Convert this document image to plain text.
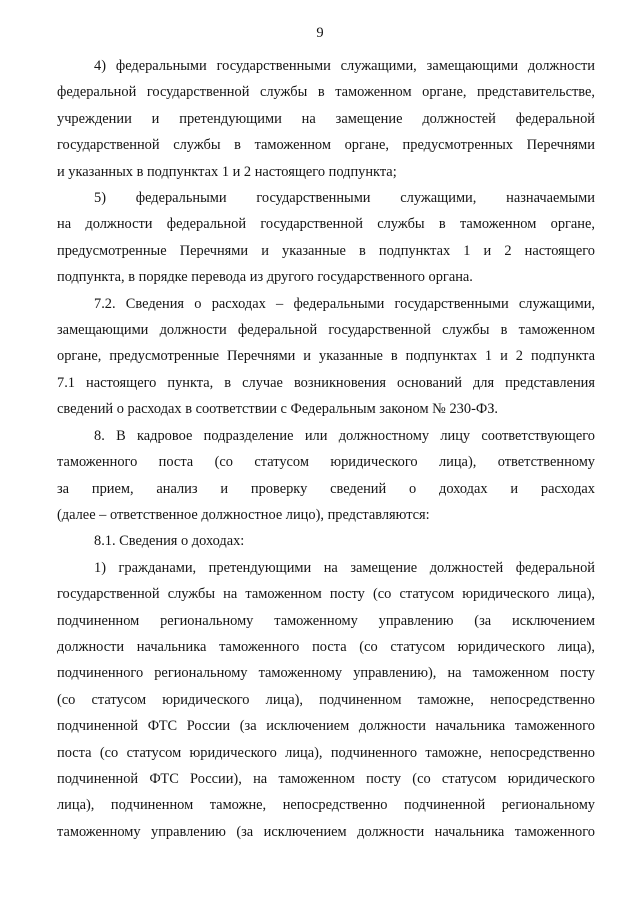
9
4) федеральными государственными служащими, замещающими должности
федеральной государственной службы в таможенном органе, представительстве,
учреждении и претендующими на замещение должностей федеральной
государственной службы в таможенном органе, предусмотренных Перечнями
и указанных в подпунктах 1 и 2 настоящего подпункта;
5) федеральными государственными служащими, назначаемыми
на должности федеральной государственной службы в таможенном органе,
предусмотренные Перечнями и указанные в подпунктах 1 и 2 настоящего
подпункта, в порядке перевода из другого государственного органа.
7.2. Сведения о расходах – федеральными государственными служащими,
замещающими должности федеральной государственной службы в таможенном
органе, предусмотренные Перечнями и указанные в подпунктах 1 и 2 подпункта
7.1 настоящего пункта, в случае возникновения оснований для представления
сведений о расходах в соответствии с Федеральным законом № 230-ФЗ.
8. В кадровое подразделение или должностному лицу соответствующего
таможенного поста (со статусом юридического лица), ответственному
за прием, анализ и проверку сведений о доходах и расходах
(далее – ответственное должностное лицо), представляются:
8.1. Сведения о доходах:
1) гражданами, претендующими на замещение должностей федеральной
государственной службы на таможенном посту (со статусом юридического лица),
подчиненном региональному таможенному управлению (за исключением
должности начальника таможенного поста (со статусом юридического лица),
подчиненного региональному таможенному управлению), на таможенном посту
(со статусом юридического лица), подчиненном таможне, непосредственно
подчиненной ФТС России (за исключением должности начальника таможенного
поста (со статусом юридического лица), подчиненного таможне, непосредственно
подчиненной ФТС России), на таможенном посту (со статусом юридического
лица), подчиненном таможне, непосредственно подчиненной региональному
таможенному управлению (за исключением должности начальника таможенного
